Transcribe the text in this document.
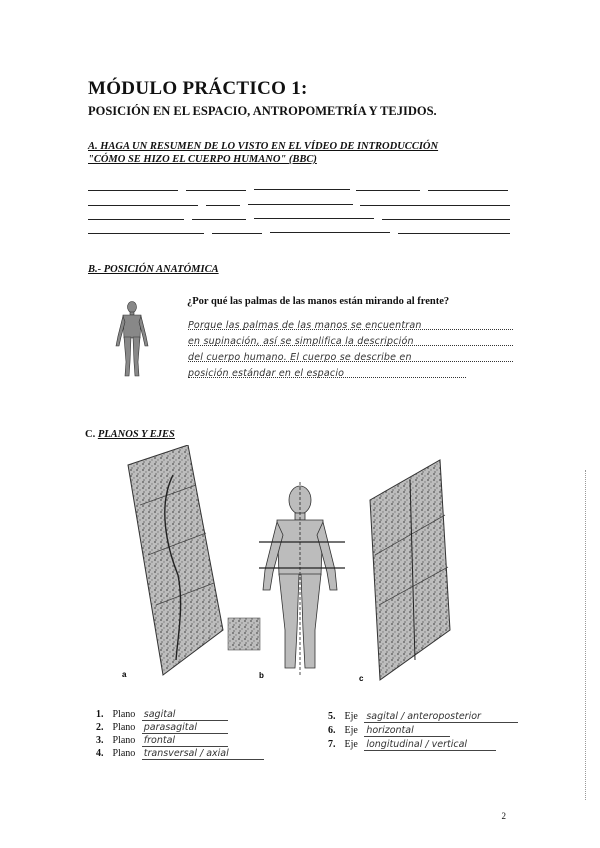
MÓDULO PRÁCTICO 1:
POSICIÓN EN EL ESPACIO, ANTROPOMETRÍA Y TEJIDOS.
A. HAGA UN RESUMEN DE LO VISTO EN EL VÍDEO DE INTRODUCCIÓN
"CÓMO SE HIZO EL CUERPO HUMANO" (BBC)
B.- POSICIÓN ANATÓMICA
¿Por qué las palmas de las manos están mirando al frente?
Porque las palmas de las manos se encuentran
en supinación, así se simplifica la descripción
del cuerpo humano. El cuerpo se describe en
posición estándar en el espacio
C. PLANOS Y EJES
a	b	c
1. Plano sagital
2. Plano parasagital
3. Plano frontal
4. Plano transversal / axial
5. Eje sagital / anteroposterior
6. Eje horizontal
7. Eje longitudinal / vertical
2
